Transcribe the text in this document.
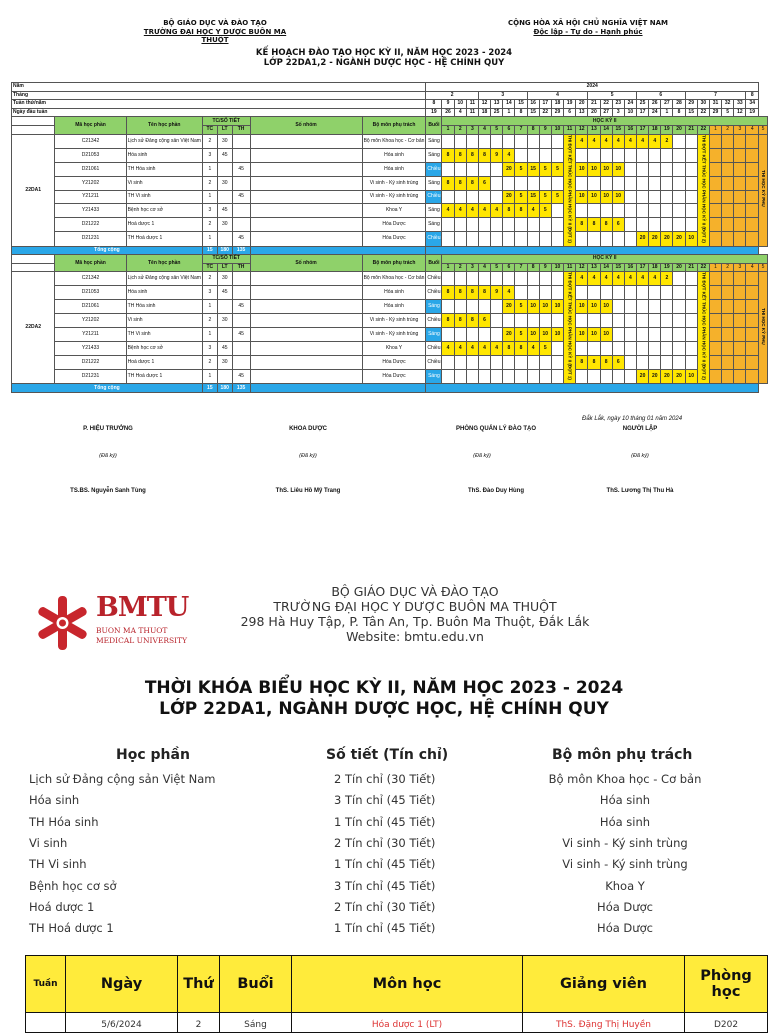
BỘ GIÁO DỤC VÀ ĐÀO TẠO
TRƯỜNG ĐẠI HỌC Y DƯỢC BUÔN MA THUỘT
CỘNG HÒA XÃ HỘI CHỦ NGHĨA VIỆT NAM
Độc lập - Tự do - Hạnh phúc
KẾ HOẠCH ĐÀO TẠO HỌC KỲ II, NĂM HỌC 2023 - 2024
LỚP 22DA1,2 - NGÀNH DƯỢC HỌC - HỆ CHÍNH QUY
Năm								2024																											
Tháng								2				3				4					5				6				7					8	
Tuần thứ/năm								8	9	10	11	12	13	14	15	16	17	18	19	20	21	22	23	24	25	26	27	28	29	30	31	32	33	34	
Ngày đầu tuần								19	26	4	11	18	25	1	8	15	22	29	6	13	20	27	3	10	17	24	1	8	15	22	29	5	12	19	
	Mã học phần	Tên học phần	TC/SỐ TIẾT			Số nhóm	Bộ môn phụ trách	Buổi	HỌC KỲ II																										
			TC	LT	TH				1	2	3	4	5	6	7	8	9	10	11	12	13	14	15	16	17	18	19	20	21	22	1	2	3	4	5
22DA1	C21342	Lịch sử Đảng cộng sản Việt Nam	2	30			Bộ môn Khoa học - Cơ bản	Sáng											THI ĐỢT KẾT THÚC HỌC PHẦN HỌC KỲ II (ĐỢT 1)	4	4	4	4	4	4	4	2			THI ĐỢT KẾT THÚC HỌC PHẦN HỌC KỲ II (ĐỢT 2)					THI HỌC KỲ PHỤ
	D21053	Hóa sinh	3	45			Hóa sinh	Sáng	8	8	8	8	9	4																					
	D21061	TH Hóa sinh	1		45		Hóa sinh	Chiều						20	5	15	5	5		10	10	10	10												
	Y21202	Vi sinh	2	30			Vi sinh - Ký sinh trùng	Sáng	8	8	8	6																							
	Y21211	TH Vi sinh	1		45		Vi sinh - Ký sinh trùng	Chiều						20	5	15	5	5		10	10	10	10												
	Y21433	Bệnh học cơ sở	3	45			Khoa Y	Sáng	4	4	4	4	4	8	8	4	5																		
	D21222	Hoá dược 1	2	30			Hóa Dược	Sáng												8	8	8	6												
	D21231	TH Hoá dược 1	1		45		Hóa Dược	Chiều																	20	20	20	20	10						
Tổng cộng			15	180	135																														
	Mã học phần	Tên học phần	TC/SỐ TIẾT			Số nhóm	Bộ môn phụ trách	Buổi	HỌC KỲ II																										
			TC	LT	TH				1	2	3	4	5	6	7	8	9	10	11	12	13	14	15	16	17	18	19	20	21	22	1	2	3	4	5
22DA2	C21342	Lịch sử Đảng cộng sản Việt Nam	2	30			Bộ môn Khoa học - Cơ bản	Chiều											THI ĐỢT KẾT THÚC HỌC PHẦN HỌC KỲ II (ĐỢT 1)	4	4	4	4	4	4	4	2			THI ĐỢT KẾT THÚC HỌC PHẦN HỌC KỲ II (ĐỢT 2)					THI HỌC KỲ PHỤ
	D21053	Hóa sinh	3	45			Hóa sinh	Chiều	8	8	8	8	9	4																					
	D21061	TH Hóa sinh	1		45		Hóa sinh	Sáng						20	5	10	10	10		10	10	10													
	Y21202	Vi sinh	2	30			Vi sinh - Ký sinh trùng	Chiều	8	8	8	6																							
	Y21211	TH Vi sinh	1		45		Vi sinh - Ký sinh trùng	Sáng						20	5	10	10	10		10	10	10													
	Y21433	Bệnh học cơ sở	3	45			Khoa Y	Chiều	4	4	4	4	4	8	8	4	5																		
	D21222	Hoá dược 1	2	30			Hóa Dược	Chiều												8	8	8	6												
	D21231	TH Hoá dược 1	1		45		Hóa Dược	Sáng																	20	20	20	20	10						
Tổng cộng			15	180	135																														
Đắk Lắk, ngày 10 tháng 01 năm 2024
P. HIỆU TRƯỞNG	KHOA DƯỢC	PHÒNG QUẢN LÝ ĐÀO TẠO	NGƯỜI LẬP
(Đã ký)	(Đã ký)	(Đã ký)	(Đã ký)
TS.BS. Nguyễn Sanh Tùng	ThS. Liêu Hồ Mỹ Trang	ThS. Đào Duy Hùng	ThS. Lương Thị Thu Hà
BMTU
BUON MA THUOT
MEDICAL UNIVERSITY
BỘ GIÁO DỤC VÀ ĐÀO TẠO
TRƯỜNG ĐẠI HỌC Y DƯỢC BUÔN MA THUỘT
298 Hà Huy Tập, P. Tân An, Tp. Buôn Ma Thuột, Đắk Lắk
Website: bmtu.edu.vn
THỜI KHÓA BIỂU HỌC KỲ II, NĂM HỌC 2023 - 2024
LỚP 22DA1, NGÀNH DƯỢC HỌC, HỆ CHÍNH QUY
Học phần	Số tiết (Tín chỉ)	Bộ môn phụ trách
Lịch sử Đảng cộng sản Việt Nam	2 Tín chỉ (30 Tiết)	Bộ môn Khoa học - Cơ bản
Hóa sinh	3 Tín chỉ (45 Tiết)	Hóa sinh
TH Hóa sinh	1 Tín chỉ (45 Tiết)	Hóa sinh
Vi sinh	2 Tín chỉ (30 Tiết)	Vi sinh - Ký sinh trùng
TH Vi sinh	1 Tín chỉ (45 Tiết)	Vi sinh - Ký sinh trùng
Bệnh học cơ sở	3 Tín chỉ (45 Tiết)	Khoa Y
Hoá dược 1	2 Tín chỉ (30 Tiết)	Hóa Dược
TH Hoá dược 1	1 Tín chỉ (45 Tiết)	Hóa Dược
Tuần	Ngày	Thứ	Buổi	Môn học	Giảng viên	Phòng học
	5/6/2024	2	Sáng	Hóa dược 1 (LT)	ThS. Đặng Thị Huyền	D202
